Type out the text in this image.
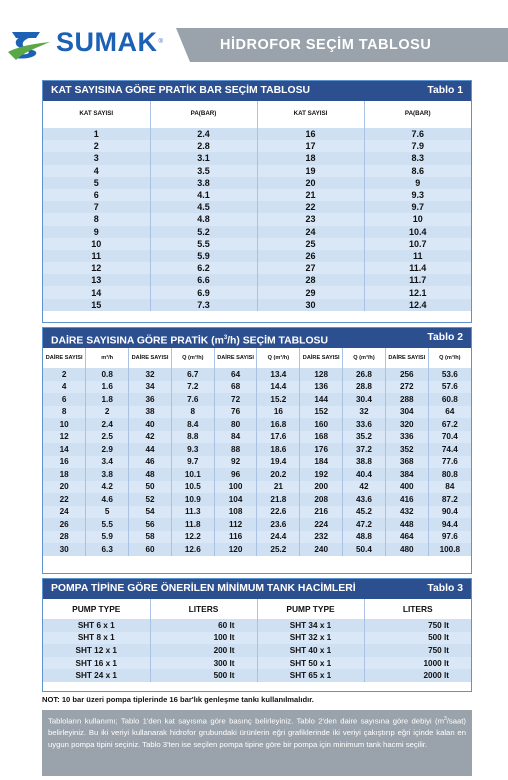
SUMAK ®	HİDROFOR SEÇİM TABLOSU
KAT SAYISINA GÖRE PRATİK BAR SEÇİM TABLOSU	Tablo 1
KAT SAYISI	PA(BAR)	KAT SAYISI	PA(BAR)

1	2.4	16	7.6
2	2.8	17	7.9
3	3.1	18	8.3
4	3.5	19	8.6
5	3.8	20	9
6	4.1	21	9.3
7	4.5	22	9.7
8	4.8	23	10
9	5.2	24	10.4
10	5.5	25	10.7
11	5.9	26	11
12	6.2	27	11.4
13	6.6	28	11.7
14	6.9	29	12.1
15	7.3	30	12.4
DAİRE SAYISINA GÖRE PRATİK $(m^3/h)$ SEÇİM TABLOSU	Tablo 2
DAİRE SAYISI	m³/h	DAİRE SAYISI	Q (m³/h)	DAİRE SAYISI	Q (m³/h)	DAİRE SAYISI	Q (m³/h)	DAİRE SAYISI	Q (m³/h)
2	0.8	32	6.7	64	13.4	128	26.8	256	53.6
4	1.6	34	7.2	68	14.4	136	28.8	272	57.6
6	1.8	36	7.6	72	15.2	144	30.4	288	60.8
8	2	38	8	76	16	152	32	304	64
10	2.4	40	8.4	80	16.8	160	33.6	320	67.2
12	2.5	42	8.8	84	17.6	168	35.2	336	70.4
14	2.9	44	9.3	88	18.6	176	37.2	352	74.4
16	3.4	46	9.7	92	19.4	184	38.8	368	77.6
18	3.8	48	10.1	96	20.2	192	40.4	384	80.8
20	4.2	50	10.5	100	21	200	42	400	84
22	4.6	52	10.9	104	21.8	208	43.6	416	87.2
24	5	54	11.3	108	22.6	216	45.2	432	90.4
26	5.5	56	11.8	112	23.6	224	47.2	448	94.4
28	5.9	58	12.2	116	24.4	232	48.8	464	97.6
30	6.3	60	12.6	120	25.2	240	50.4	480	100.8
POMPA TİPİNE GÖRE ÖNERİLEN MİNİMUM TANK HACİMLERİ	Tablo 3
PUMP TYPE	LITERS	PUMP TYPE	LITERS
SHT 6 x 1	60 lt	SHT 34 x 1	750 lt
SHT 8 x 1	100 lt	SHT 32 x 1	500 lt
SHT 12 x 1	200 lt	SHT 40 x 1	750 lt
SHT 16 x 1	300 lt	SHT 50 x 1	1000 lt
SHT 24 x 1	500 lt	SHT 65 x 1	2000 lt
NOT: 10 bar üzeri pompa tiplerinde 16 bar'lık genleşme tankı kullanılmalıdır.
Tabloların kullanımı; Tablo 1'den kat sayısına göre basınç belirleyiniz. Tablo 2'den daire sayısına göre debiyi $(m^3/saat)$ belirleyiniz. Bu iki veriyi kullanarak hidrofor grubundaki ürünlerin eğri grafiklerinde iki veriyi çakıştırıp eğri içinde kalan en uygun pompa tipini seçiniz. Tablo 3'ten ise seçilen pompa tipine göre bir pompa için minimum tank hacmi seçilir.
